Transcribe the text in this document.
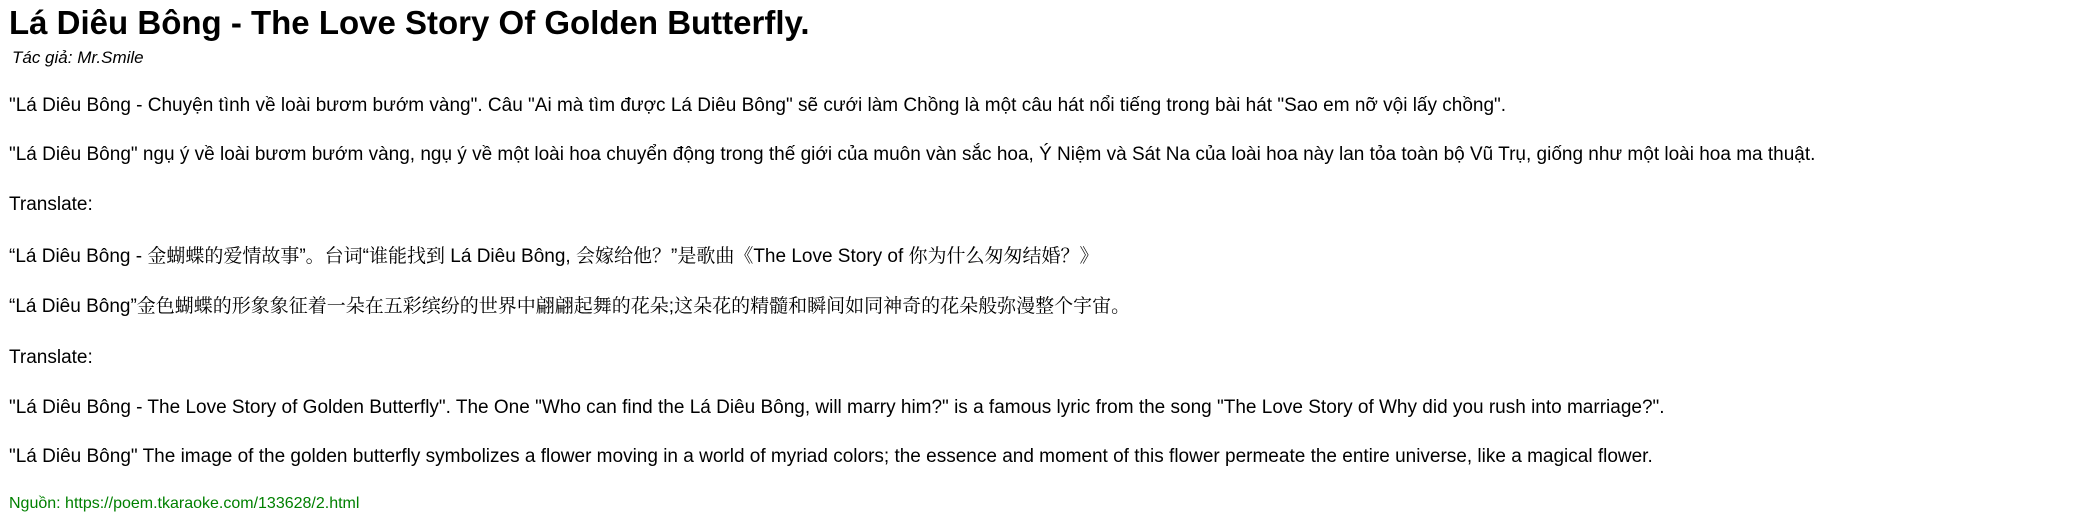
Lá Diêu Bông - The Love Story Of Golden Butterfly.
Tác giả: Mr.Smile

"Lá Diêu Bông - Chuyện tình về loài bươm bướm vàng". Câu "Ai mà tìm được Lá Diêu Bông" sẽ cưới làm Chồng là một câu hát nổi tiếng trong bài hát "Sao em nỡ vội lấy chồng".

"Lá Diêu Bông" ngụ ý về loài bươm bướm vàng, ngụ ý về một loài hoa chuyển động trong thế giới của muôn vàn sắc hoa, Ý Niệm và Sát Na của loài hoa này lan tỏa toàn bộ Vũ Trụ, giống như một loài hoa ma thuật.

Translate:

“Lá Diêu Bông - 金蝴蝶的爱情故事”。台词“谁能找到 Lá Diêu Bông, 会嫁给他？”是歌曲《The Love Story of 你为什么匆匆结婚？》

“Lá Diêu Bông”金色蝴蝶的形象象征着一朵在五彩缤纷的世界中翩翩起舞的花朵;这朵花的精髓和瞬间如同神奇的花朵般弥漫整个宇宙。

Translate:

"Lá Diêu Bông - The Love Story of Golden Butterfly". The One "Who can find the Lá Diêu Bông, will marry him?" is a famous lyric from the song "The Love Story of Why did you rush into marriage?".

"Lá Diêu Bông" The image of the golden butterfly symbolizes a flower moving in a world of myriad colors; the essence and moment of this flower permeate the entire universe, like a magical flower.

Nguồn: https://poem.tkaraoke.com/133628/2.html
